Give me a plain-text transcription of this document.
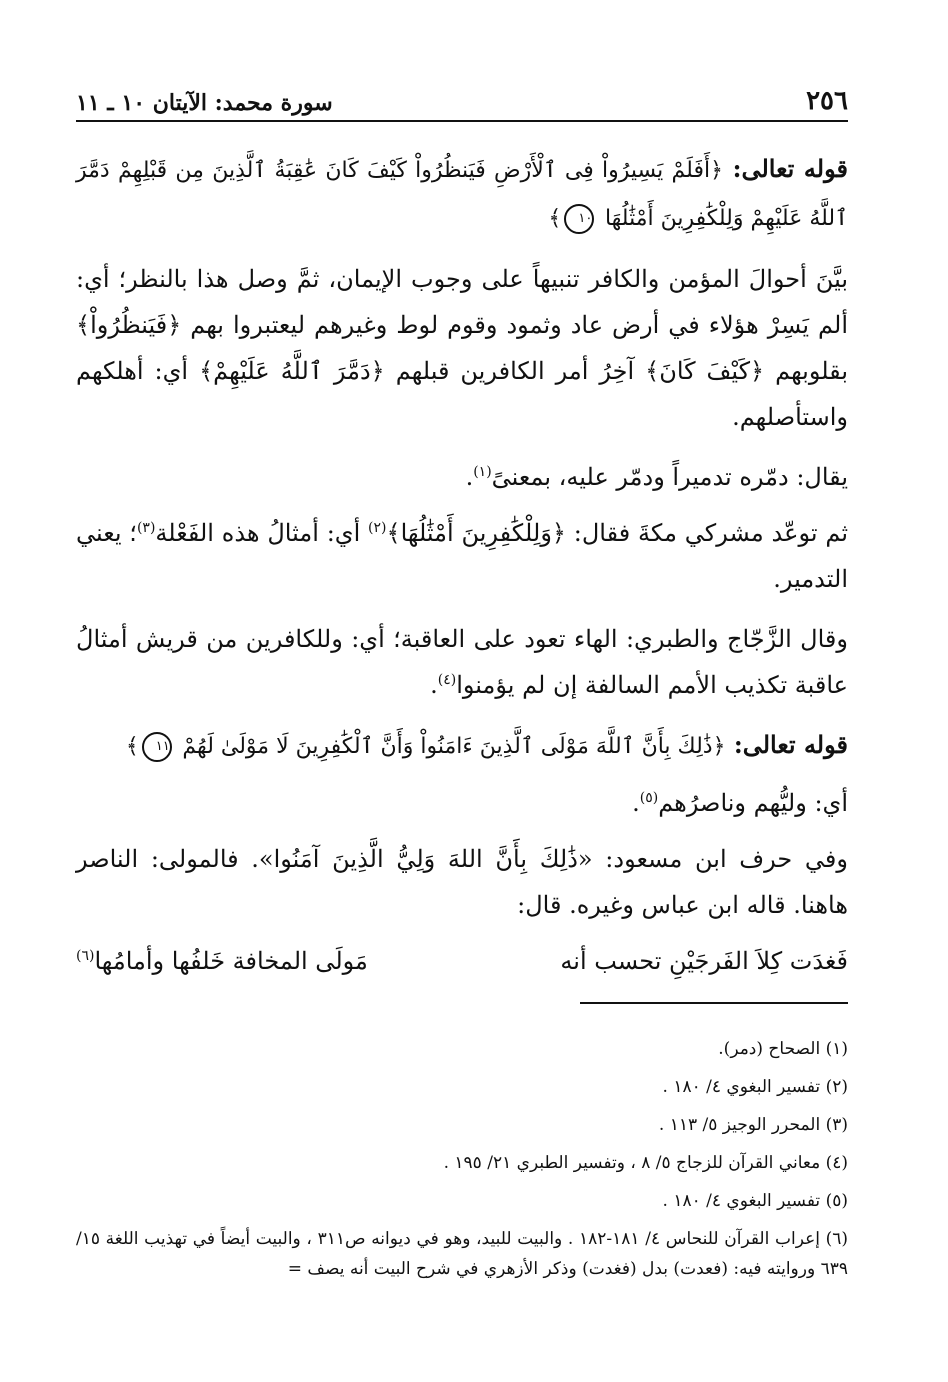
٢٥٦
سورة محمد: الآيتان ١٠ ـ ١١

قوله تعالى: ﴿أَفَلَمْ يَسِيرُواْ فِى ٱلْأَرْضِ فَيَنظُرُواْ كَيْفَ كَانَ عَٰقِبَةُ ٱلَّذِينَ مِن قَبْلِهِمْ دَمَّرَ ٱللَّهُ عَلَيْهِمْ وَلِلْكَٰفِرِينَ أَمْثَٰلُهَا ١٠﴾

بيَّنَ أحوالَ المؤمن والكافر تنبيهاً على وجوب الإيمان، ثمَّ وصل هذا بالنظر؛ أي: ألم يَسِرْ هؤلاء في أرض عاد وثمود وقوم لوط وغيرهم ليعتبروا بهم ﴿فَيَنظُرُواْ﴾ بقلوبهم ﴿كَيْفَ كَانَ﴾ آخِرُ أمر الكافرين قبلهم ﴿دَمَّرَ ٱللَّهُ عَلَيْهِمْ﴾ أي: أهلكهم واستأصلهم.

يقال: دمّره تدميراً ودمّر عليه، بمعنىً$^{(١)}$.

ثم توعّد مشركي مكةَ فقال: ﴿وَلِلْكَٰفِرِينَ أَمْثَٰلُهَا﴾$^{(٢)}$ أي: أمثالُ هذه الفَعْلة$^{(٣)}$؛ يعني التدمير.

وقال الزَّجّاج والطبري: الهاء تعود على العاقبة؛ أي: وللكافرين من قريش أمثالُ عاقبة تكذيب الأمم السالفة إن لم يؤمنوا$^{(٤)}$.

قوله تعالى: ﴿ذَٰلِكَ بِأَنَّ ٱللَّهَ مَوْلَى ٱلَّذِينَ ءَامَنُواْ وَأَنَّ ٱلْكَٰفِرِينَ لَا مَوْلَىٰ لَهُمْ ١١﴾

أي: وليُّهم وناصرُهم$^{(٥)}$.

وفي حرف ابن مسعود: «ذَٰلِكَ بِأَنَّ اللهَ وَلِيُّ الَّذِينَ آمَنُوا». فالمولى: الناصر هاهنا. قاله ابن عباس وغيره. قال:

فَغدَت كِلاَ الفَرجَيْنِ تحسب أنه
مَولَى المخافة خَلفُها وأمامُها$^{(٦)}$

(١) الصحاح (دمر).

(٢) تفسير البغوي ٤/ ١٨٠ .

(٣) المحرر الوجيز ٥/ ١١٣ .

(٤) معاني القرآن للزجاج ٥/ ٨ ، وتفسير الطبري ٢١/ ١٩٥ .

(٥) تفسير البغوي ٤/ ١٨٠ .

(٦) إعراب القرآن للنحاس ٤/ ١٨١-١٨٢ . والبيت للبيد، وهو في ديوانه ص٣١١ ، والبيت أيضاً في تهذيب اللغة ١٥/ ٦٣٩ وروايته فيه: (فعدت) بدل (فغدت) وذكر الأزهري في شرح البيت أنه يصف =
